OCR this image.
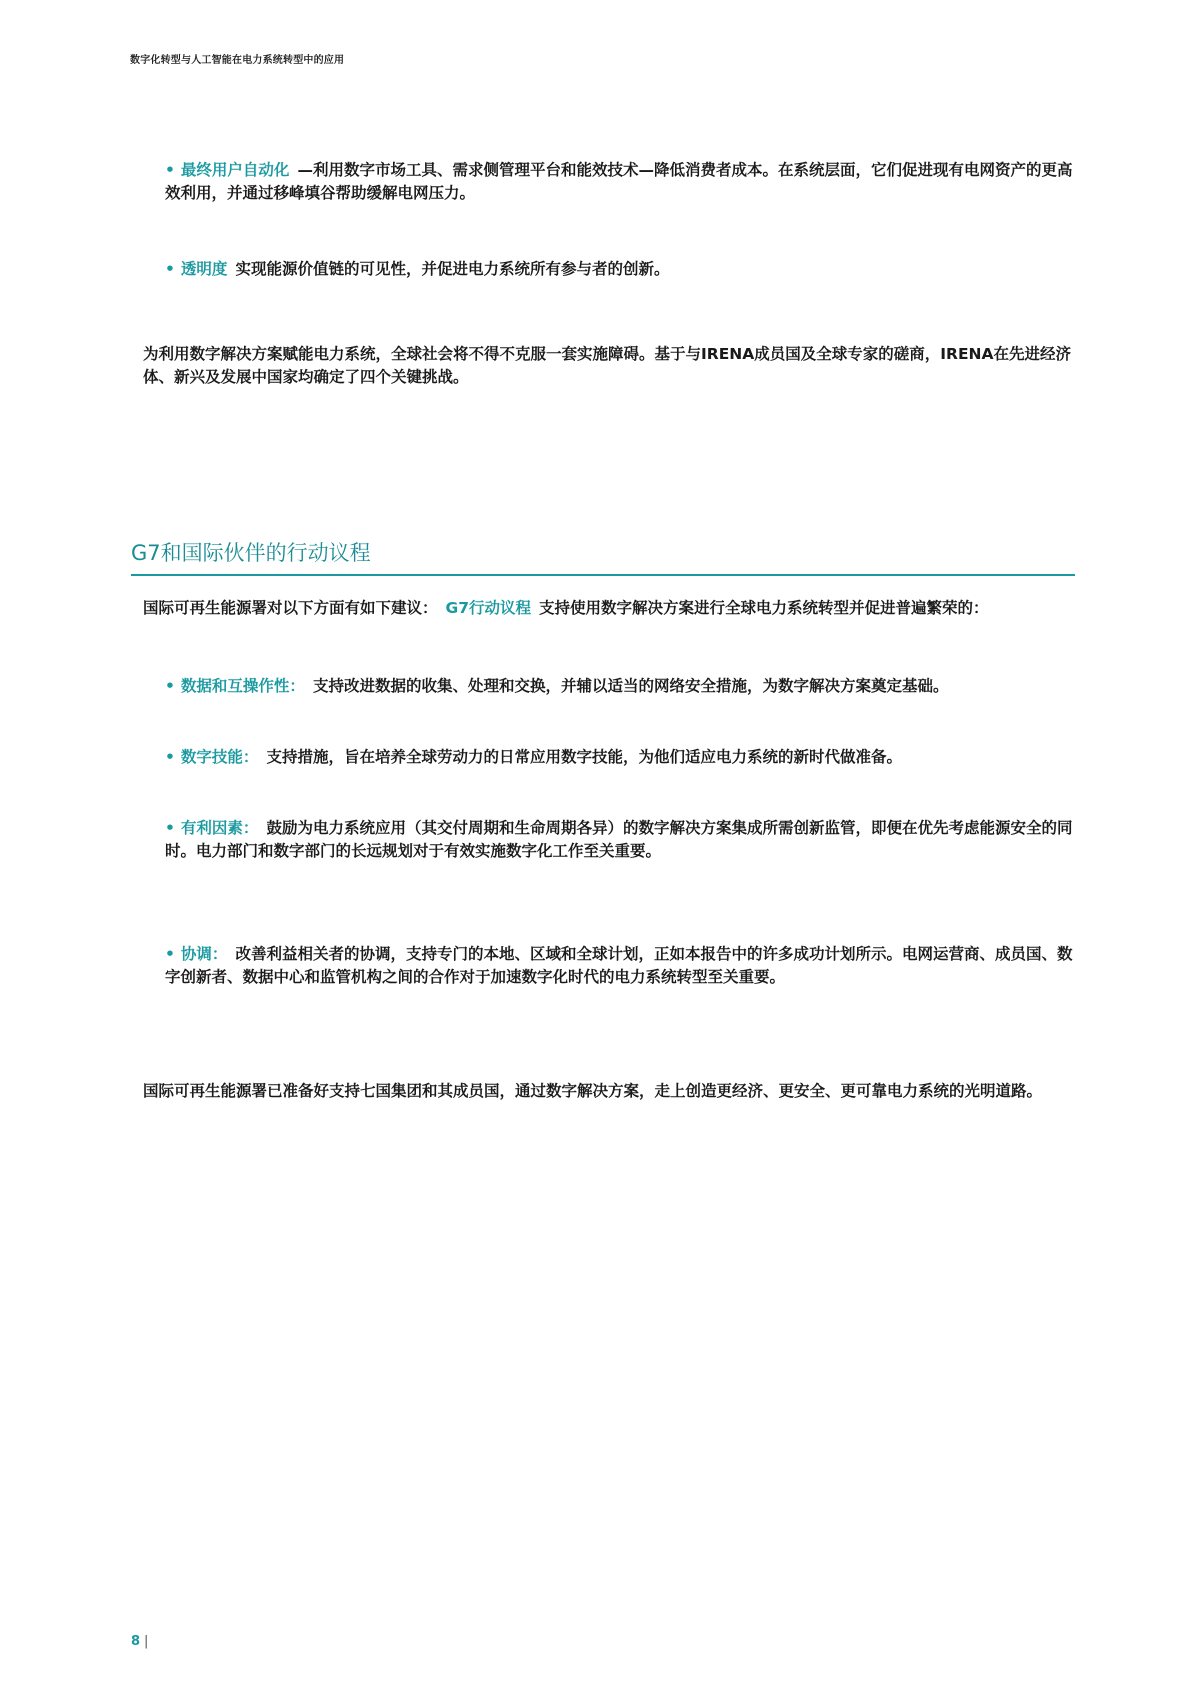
数字化转型与人工智能在电力系统转型中的应用
• 最终用户自动化 —利用数字市场工具、需求侧管理平台和能效技术—降低消费者成本。在系统层面，它们促进现有电网资产的更高效利用，并通过移峰填谷帮助缓解电网压力。
• 透明度 实现能源价值链的可见性，并促进电力系统所有参与者的创新。
为利用数字解决方案赋能电力系统，全球社会将不得不克服一套实施障碍。基于与IRENA成员国及全球专家的磋商，IRENA在先进经济体、新兴及发展中国家均确定了四个关键挑战。
G7和国际伙伴的行动议程
国际可再生能源署对以下方面有如下建议： G7行动议程 支持使用数字解决方案进行全球电力系统转型并促进普遍繁荣的：
• 数据和互操作性： 支持改进数据的收集、处理和交换，并辅以适当的网络安全措施，为数字解决方案奠定基础。
• 数字技能： 支持措施，旨在培养全球劳动力的日常应用数字技能，为他们适应电力系统的新时代做准备。
• 有利因素： 鼓励为电力系统应用（其交付周期和生命周期各异）的数字解决方案集成所需创新监管，即便在优先考虑能源安全的同时。电力部门和数字部门的长远规划对于有效实施数字化工作至关重要。
• 协调： 改善利益相关者的协调，支持专门的本地、区域和全球计划，正如本报告中的许多成功计划所示。电网运营商、成员国、数字创新者、数据中心和监管机构之间的合作对于加速数字化时代的电力系统转型至关重要。
国际可再生能源署已准备好支持七国集团和其成员国，通过数字解决方案，走上创造更经济、更安全、更可靠电力系统的光明道路。
8 |
